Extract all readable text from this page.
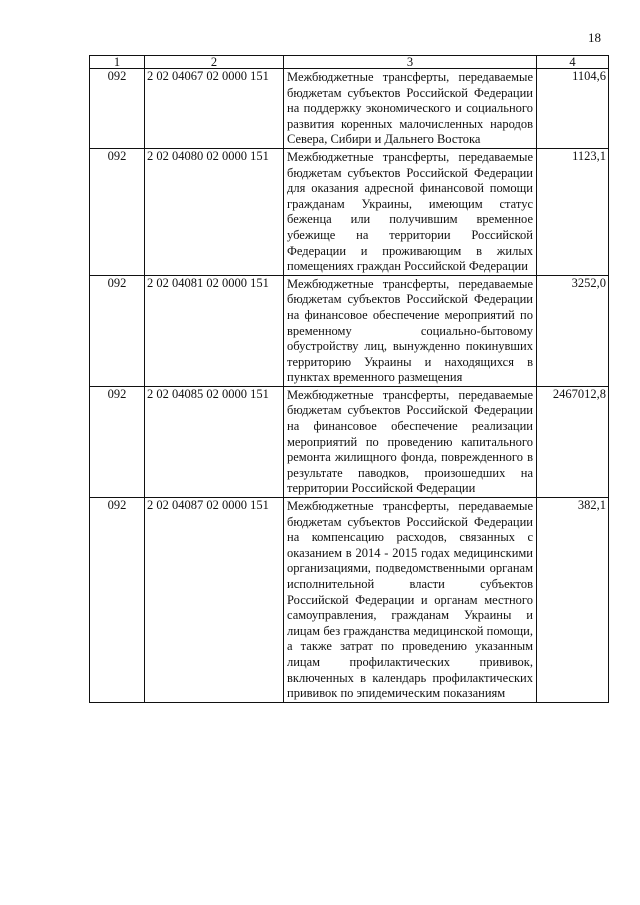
18
1	2	3	4
092	2 02 04067 02 0000 151	Межбюджетные трансферты, передаваемые бюджетам субъектов Российской Федерации на поддержку экономического и социального развития коренных малочисленных народов Севера, Сибири и Дальнего Востока	1104,6
092	2 02 04080 02 0000 151	Межбюджетные трансферты, передаваемые бюджетам субъектов Российской Федерации для оказания адресной финансовой помощи гражданам Украины, имеющим статус беженца или получившим временное убежище на территории Российской Федерации и проживающим в жилых помещениях граждан Российской Федерации	1123,1
092	2 02 04081 02 0000 151	Межбюджетные трансферты, передаваемые бюджетам субъектов Российской Федерации на финансовое обеспечение мероприятий по временному социально-бытовому обустройству лиц, вынужденно покинувших территорию Украины и находящихся в пунктах временного размещения	3252,0
092	2 02 04085 02 0000 151	Межбюджетные трансферты, передаваемые бюджетам субъектов Российской Федерации на финансовое обеспечение реализации мероприятий по проведению капитального ремонта жилищного фонда, поврежденного в результате паводков, произошедших на территории Российской Федерации	2467012,8
092	2 02 04087 02 0000 151	Межбюджетные трансферты, передаваемые бюджетам субъектов Российской Федерации на компенсацию расходов, связанных с оказанием в 2014 - 2015 годах медицинскими организациями, подведомственными органам исполнительной власти субъектов Российской Федерации и органам местного самоуправления, гражданам Украины и лицам без гражданства медицинской помощи, а также затрат по проведению указанным лицам профилактических прививок, включенных в календарь профилактических прививок по эпидемическим показаниям	382,1
